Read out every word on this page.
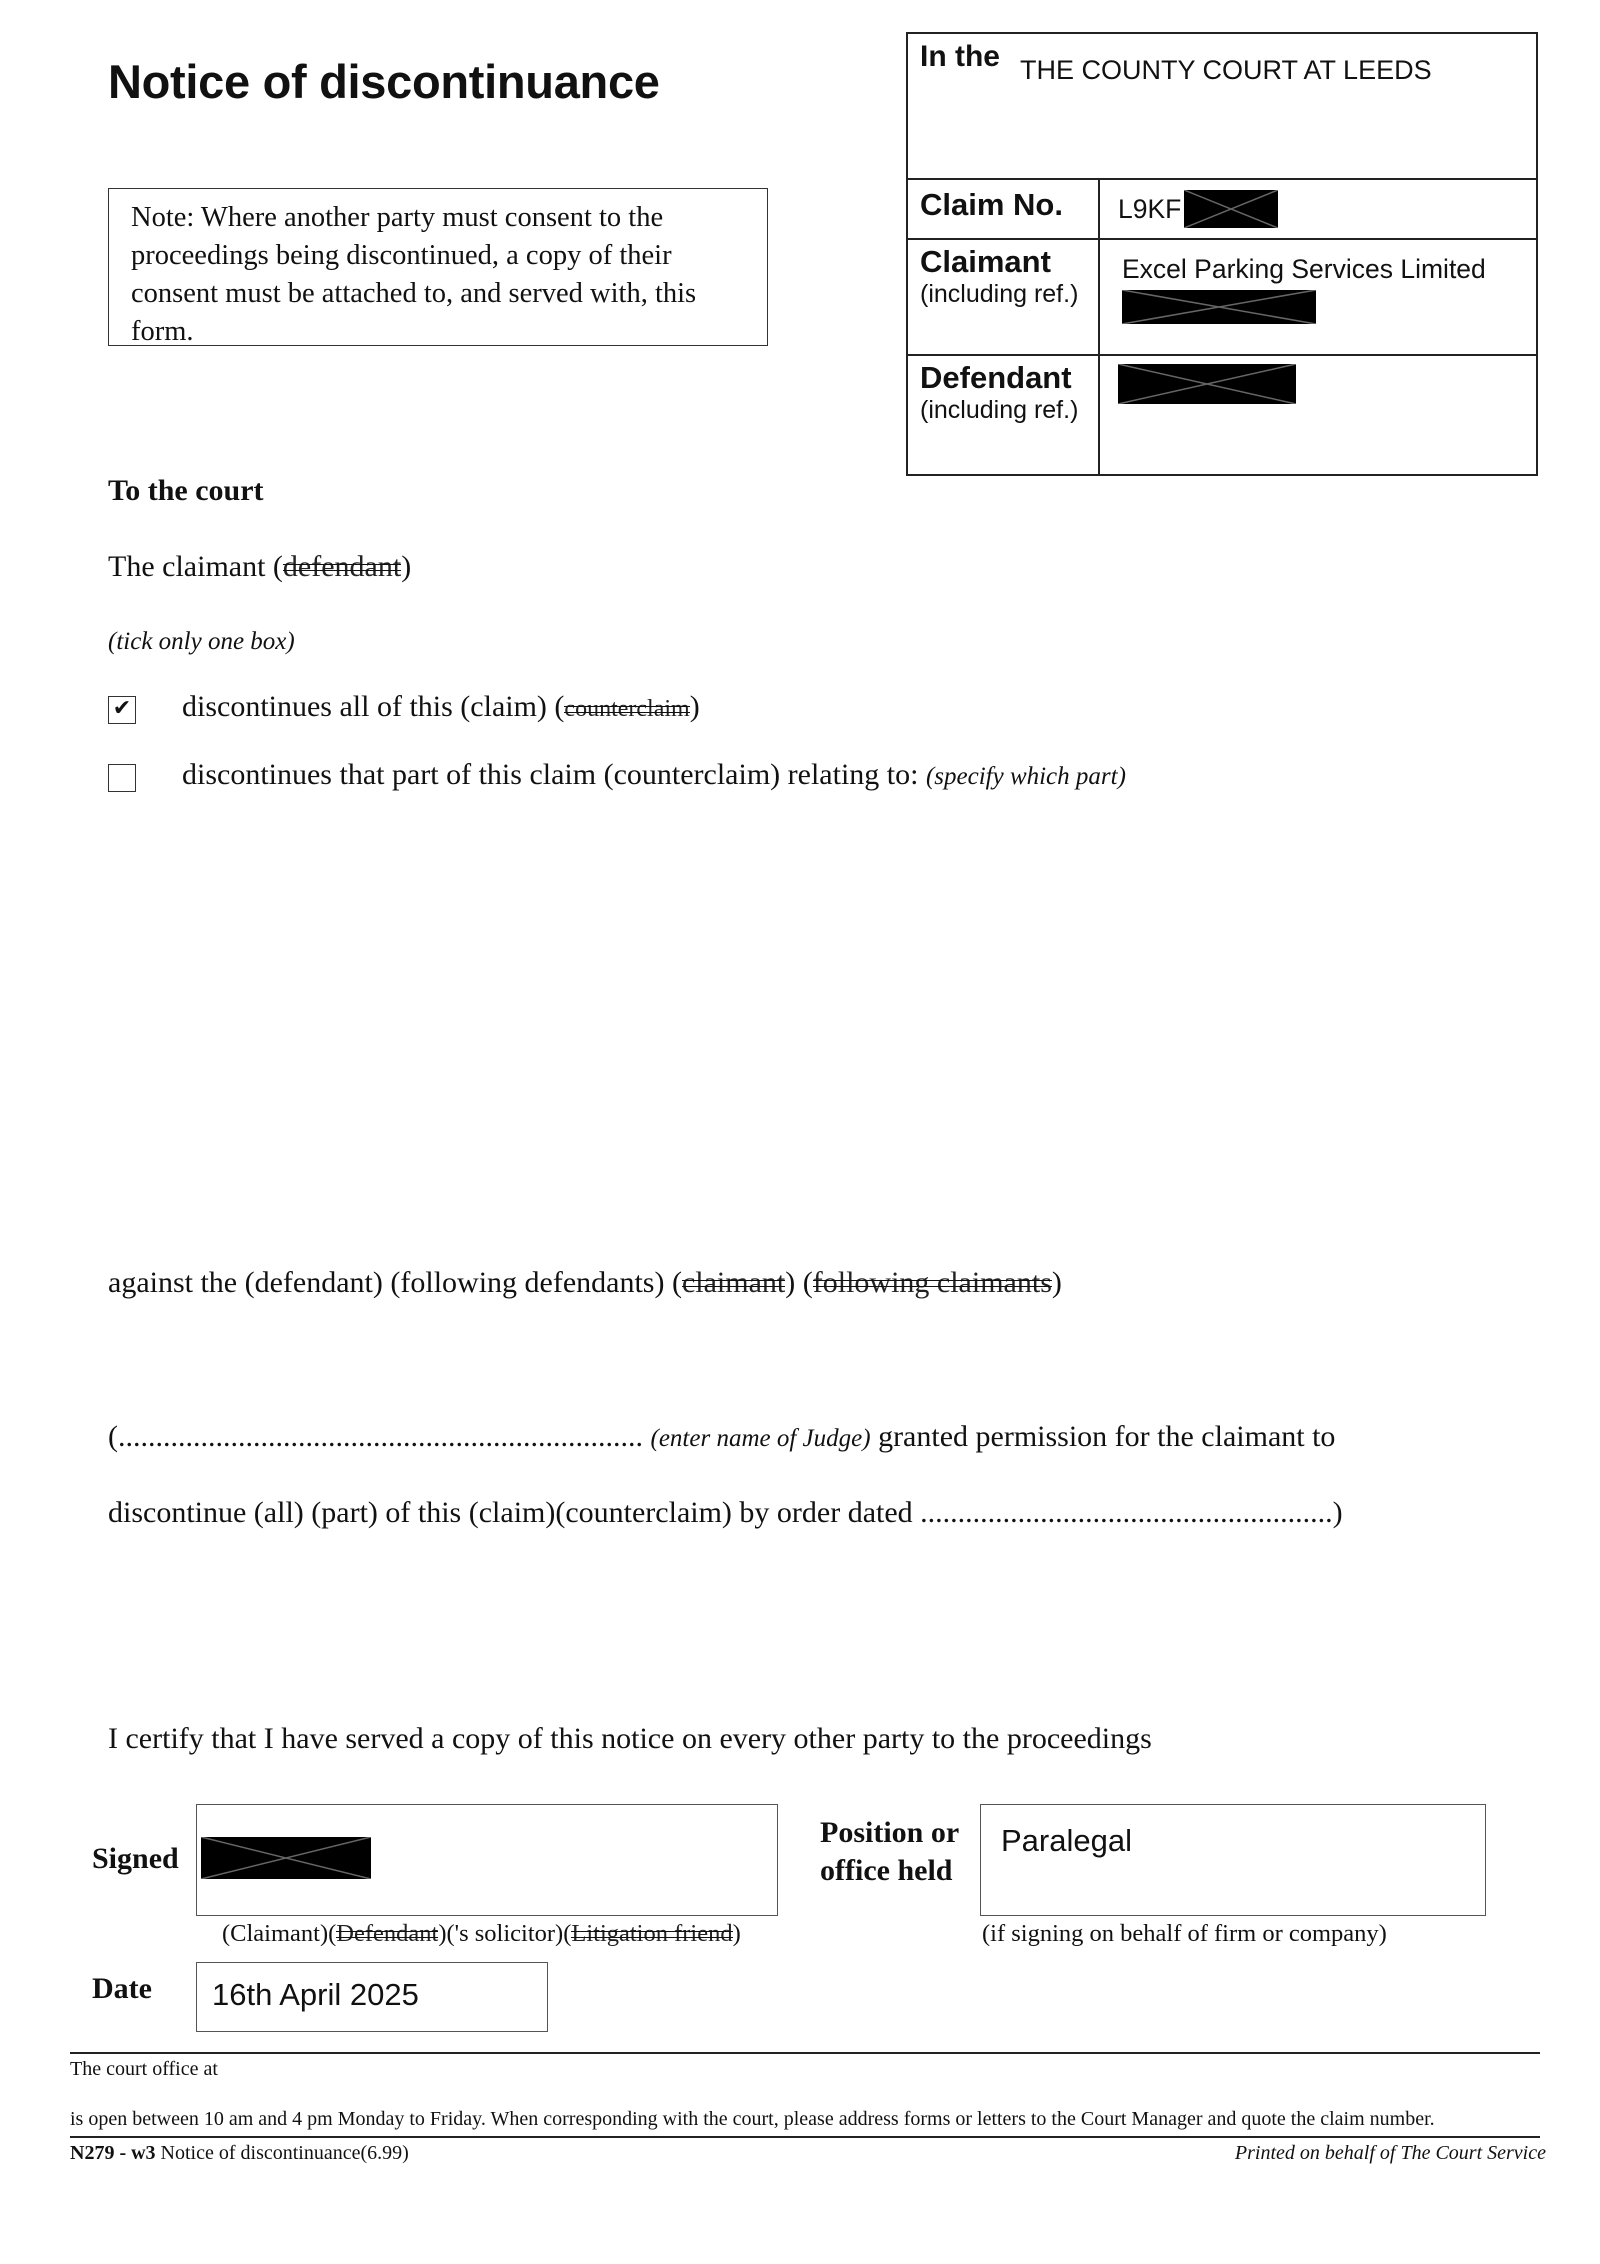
Notice of discontinuance
Note: Where another party must consent to the proceedings being discontinued, a copy of their consent must be attached to, and served with, this form.
In the THE COUNTY COURT AT LEEDS
Claim No. L9KF
Claimant
(including ref.)
Excel Parking Services Limited
Defendant
(including ref.)
To the court
The claimant (defendant)
(tick only one box)
✔ discontinues all of this (claim) (counterclaim)
discontinues that part of this claim (counterclaim) relating to: (specify which part)
against the (defendant) (following defendants) (claimant) (following claimants)
(...................................................................... (enter name of Judge) granted permission for the claimant to
discontinue (all) (part) of this (claim)(counterclaim) by order dated .......................................................)
I certify that I have served a copy of this notice on every other party to the proceedings
Signed
(Claimant)(Defendant)('s solicitor)(Litigation friend)
Position or
office held
Paralegal
(if signing on behalf of firm or company)
Date	16th April 2025
The court office at
is open between 10 am and 4 pm Monday to Friday. When corresponding with the court, please address forms or letters to the Court Manager and quote the claim number.
N279 - w3 Notice of discontinuance(6.99)	Printed on behalf of The Court Service
